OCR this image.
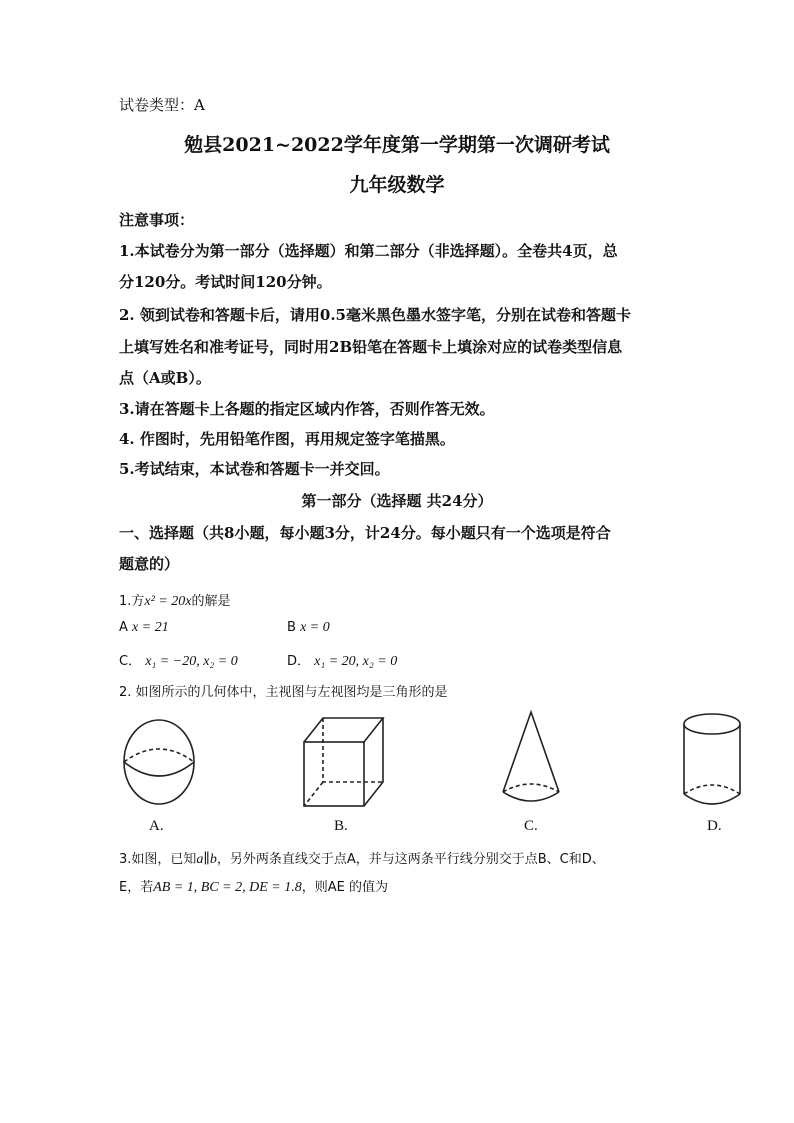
试卷类型：A
勉县2021~2022学年度第一学期第一次调研考试
九年级数学
注意事项：
1.本试卷分为第一部分（选择题）和第二部分（非选择题）。全卷共4页，总
分120分。考试时间120分钟。
2. 领到试卷和答题卡后，请用0.5毫米黑色墨水签字笔，分别在试卷和答题卡
上填写姓名和准考证号，同时用2B铅笔在答题卡上填涂对应的试卷类型信息
点（A或B）。
3.请在答题卡上各题的指定区域内作答，否则作答无效。
4. 作图时，先用铅笔作图，再用规定签字笔描黑。
5.考试结束，本试卷和答题卡一并交回。
第一部分（选择题 共24分）
一、选择题（共8小题，每小题3分，计24分。每小题只有一个选项是符合
题意的）
1.方x² = 20x的解是
A x = 21	B x = 0
C． x₁ = −20, x₂ = 0	D． x₁ = 20, x₂ = 0
2. 如图所示的几何体中，主视图与左视图均是三角形的是
A.	B.	C.	D.
3.如图，已知a∥b，另外两条直线交于点A，并与这两条平行线分别交于点B、C和D、
E，若AB = 1, BC = 2, DE = 1.8，则AE 的值为
